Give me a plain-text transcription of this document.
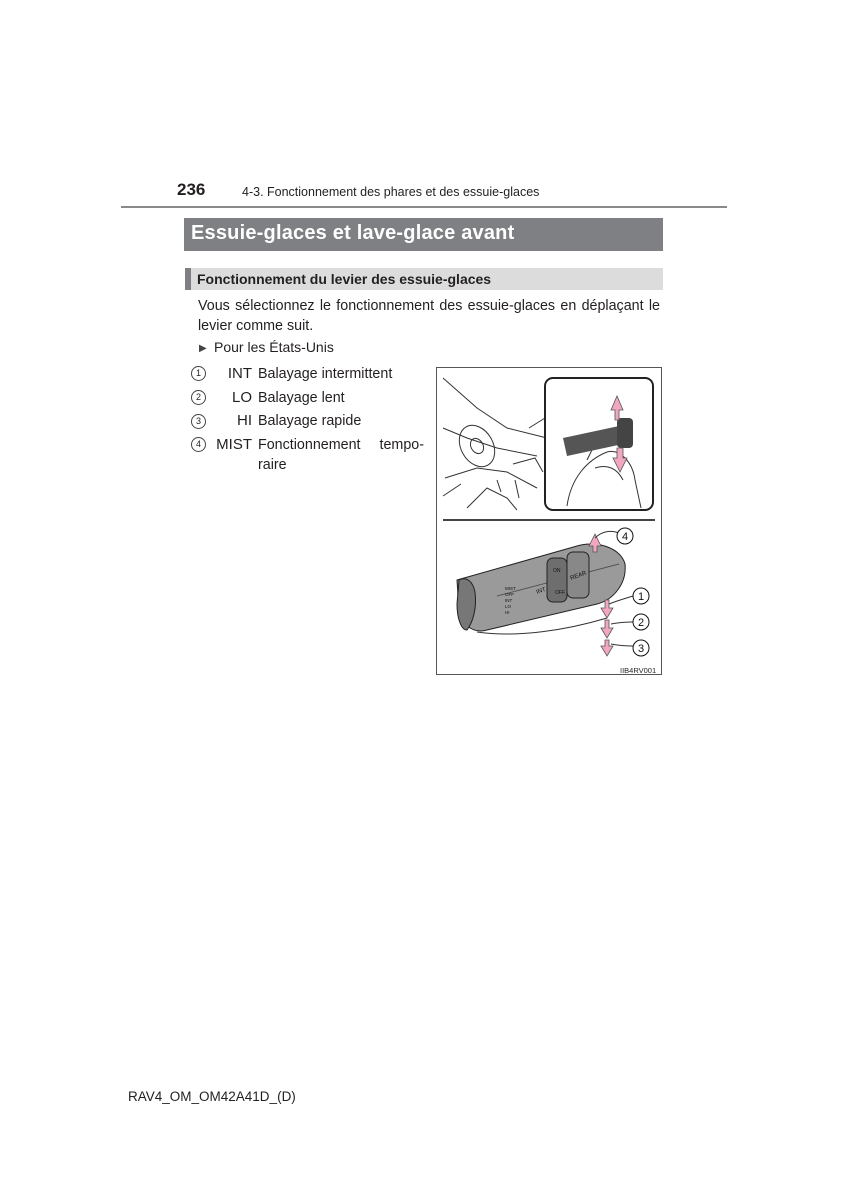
236	4-3. Fonctionnement des phares et des essuie-glaces
Essuie-glaces et lave-glace avant
Fonctionnement du levier des essuie-glaces
Vous sélectionnez le fonctionnement des essuie-glaces en déplaçant le levier comme suit.
▶ Pour les États-Unis
1	INT Balayage intermittent
2	LO Balayage lent
3	HI Balayage rapide
4	MIST Fonctionnement tempo-
raire
MIST
OFF
INT
LO
HI
INT
ON
OFF
REAR
4
1
2
3
IIB4RV001
RAV4_OM_OM42A41D_(D)
